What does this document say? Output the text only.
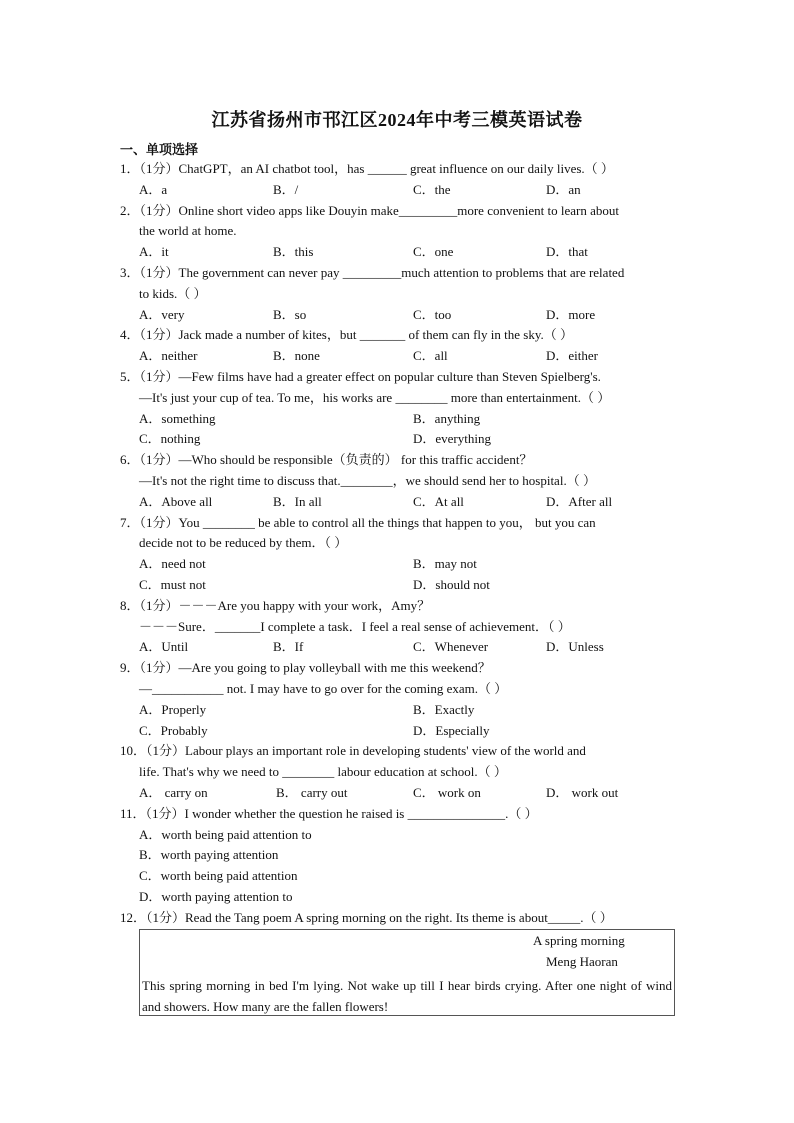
江苏省扬州市邗江区2024年中考三模英语试卷
一、单项选择
1．（1分）ChatGPT，an AI chatbot tool，has ______ great influence on our daily lives.（ ）
A．a	B．/	C．the	D．an
2．（1分）Online short video apps like Douyin make_________more convenient to learn about
the world at home.
A．it	B．this	C．one	D．that
3．（1分）The government can never pay _________much attention to problems that are related
to kids.（ ）
A．very	B．so	C．too	D．more
4．（1分）Jack made a number of kites，but _______ of them can fly in the sky.（ ）
A．neither	B．none	C．all	D．either
5．（1分）—Few films have had a greater effect on popular culture than Steven Spielberg's.
—It's just your cup of tea. To me，his works are ________ more than entertainment.（ ）
A．something	B．anything
C．nothing	D．everything
6．（1分）—Who should be responsible（负责的） for this traffic accident？
—It's not the right time to discuss that.________，we should send her to hospital.（ ）
A．Above all	B．In all	C．At all	D．After all
7．（1分）You ________ be able to control all the things that happen to you， but you can
decide not to be reduced by them．（ ）
A．need not	B．may not
C．must not	D．should not
8．（1分）－－－Are you happy with your work，Amy？
－－－Sure．_______I complete a task．I feel a real sense of achievement．（ ）
A．Until	B．If	C．Whenever	D．Unless
9．（1分）—Are you going to play volleyball with me this weekend？
—___________ not. I may have to go over for the coming exam.（ ）
A．Properly	B．Exactly
C．Probably	D．Especially
10．（1分）Labour plays an important role in developing students' view of the world and
life. That's why we need to ________ labour education at school.（ ）
A． carry on	B． carry out	C． work on	D． work out
11．（1分）I wonder whether the question he raised is _______________.（ ）
A．worth being paid attention to
B．worth paying attention
C．worth being paid attention
D．worth paying attention to
12．（1分）Read the Tang poem A spring morning on the right. Its theme is about_____.（ ）
A spring morning
Meng Haoran
This spring morning in bed I'm lying. Not wake up till I hear birds crying. After one night of wind and showers. How many are the fallen flowers!
